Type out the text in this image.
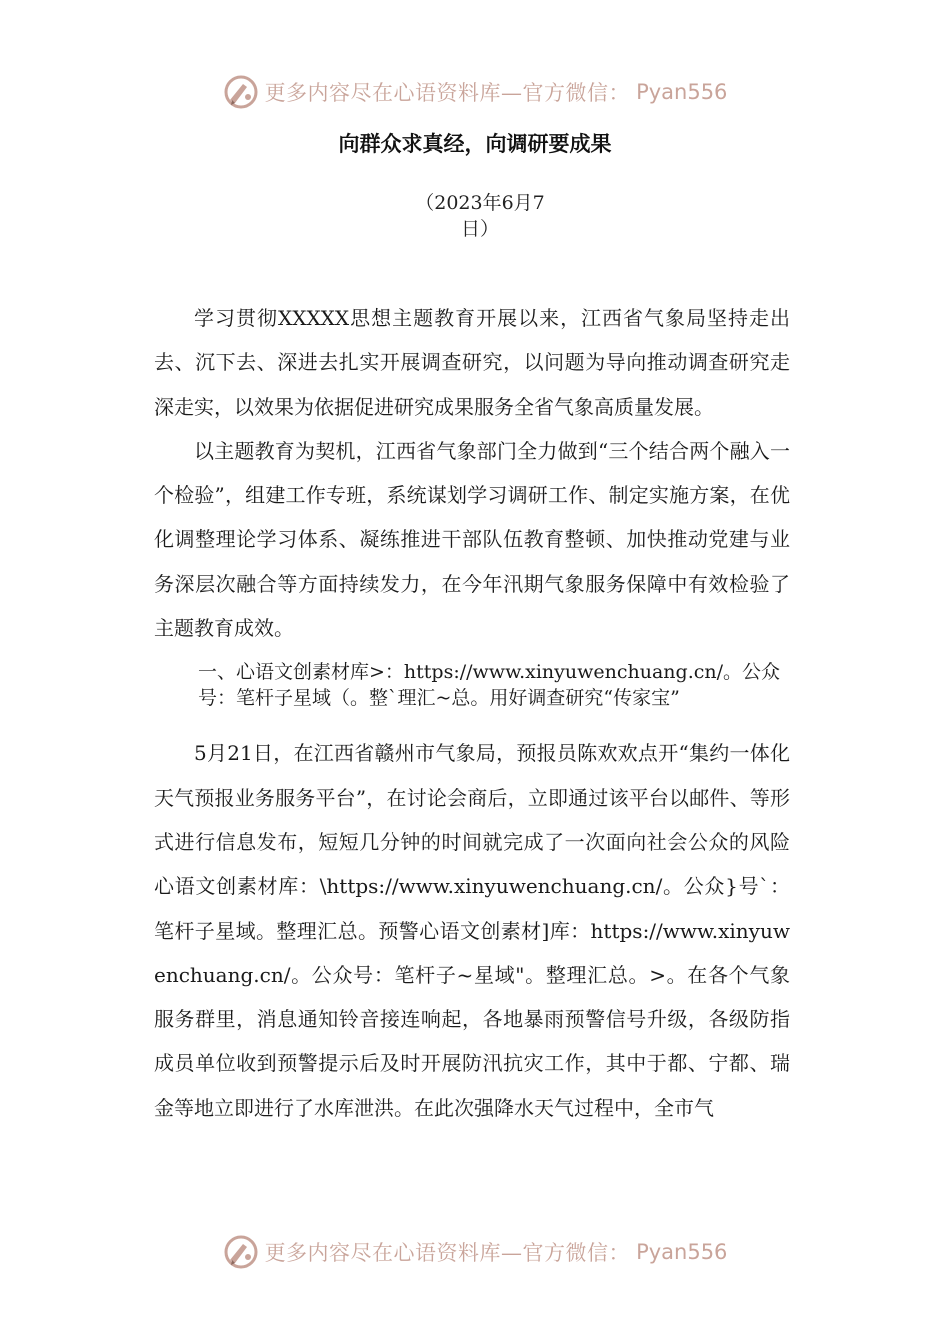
更多内容尽在心语资料库—官方微信： Pyan556
向群众求真经，向调研要成果
（2023年6月7
日）

学习贯彻XXXXX思想主题教育开展以来，江西省气象局坚持走出去、沉下去、深进去扎实开展调查研究，以问题为导向推动调查研究走深走实，以效果为依据促进研究成果服务全省气象高质量发展。

以主题教育为契机，江西省气象部门全力做到“三个结合两个融入一个检验”，组建工作专班，系统谋划学习调研工作、制定实施方案，在优化调整理论学习体系、凝练推进干部队伍教育整顿、加快推动党建与业务深层次融合等方面持续发力，在今年汛期气象服务保障中有效检验了主题教育成效。

一、心语文创素材库>：https://www.xinyuwenchuang.cn/。公众号：笔杆子星域（。整`理汇~总。用好调查研究“传家宝”

5月21日，在江西省赣州市气象局，预报员陈欢欢点开“集约一体化天气预报业务服务平台”，在讨论会商后，立即通过该平台以邮件、等形式进行信息发布，短短几分钟的时间就完成了一次面向社会公众的风险心语文创素材库：\https://www.xinyuwenchuang.cn/。公众}号`：笔杆子星域。整理汇总。预警心语文创素材]库：https://www.xinyuwenchuang.cn/。公众号：笔杆子~星域"。整理汇总。>。在各个气象服务群里，消息通知铃音接连响起，各地暴雨预警信号升级，各级防指成员单位收到预警提示后及时开展防汛抗灾工作，其中于都、宁都、瑞金等地立即进行了水库泄洪。在此次强降水天气过程中，全市气

更多内容尽在心语资料库—官方微信： Pyan556
